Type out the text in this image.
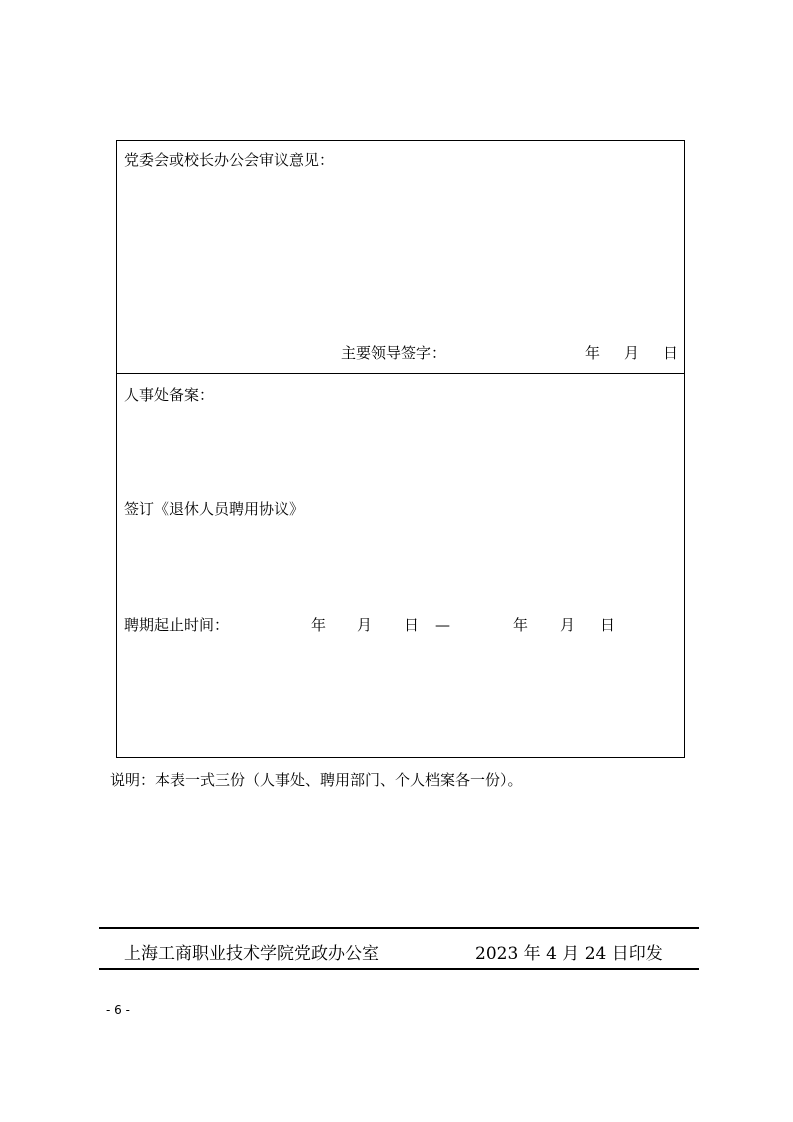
党委会或校长办公会审议意见：
主要领导签字：	年 月 日
人事处备案：
签订《退休人员聘用协议》
聘期起止时间：	年 月 日 —	年 月 日
说明：本表一式三份（人事处、聘用部门、个人档案各一份）。
上海工商职业技术学院党政办公室	2023 年 4 月 24 日印发
- 6 -
